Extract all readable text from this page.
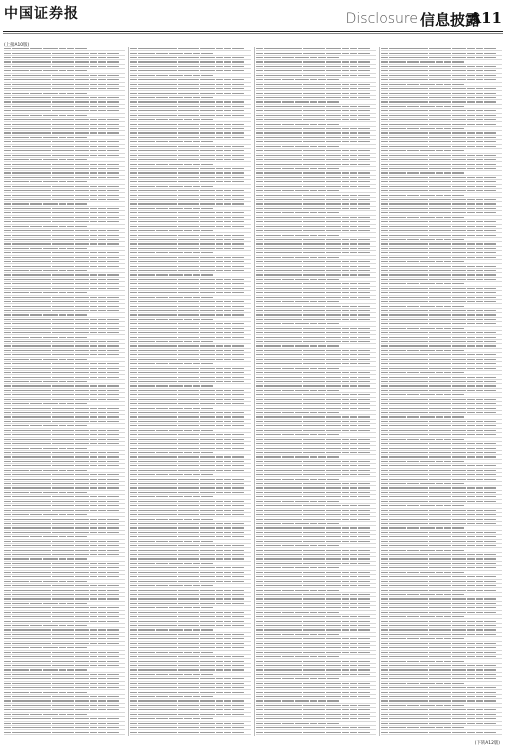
中国证券报	Disclosure 信息披露
A11
(上接A10版)
(下转A12版)
